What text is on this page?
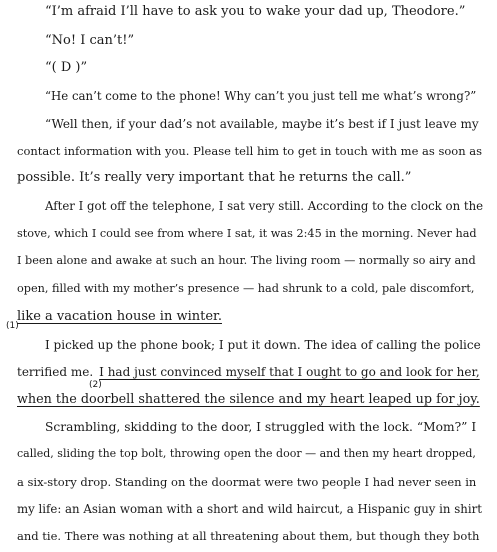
“I’m afraid I’ll have to ask you to wake your dad up, Theodore.”
“No! I can’t!”
“( D )”
“He can’t come to the phone! Why can’t you just tell me what’s wrong?”
“Well then, if your dad’s not available, maybe it’s best if I just leave my
contact information with you. Please tell him to get in touch with me as soon as
possible. It’s really very important that he returns the call.”
After I got off the telephone, I sat very still. According to the clock on the
stove, which I could see from where I sat, it was 2:45 in the morning. Never had
I been alone and awake at such an hour. The living room — normally so airy and
open, filled with my mother’s presence — had shrunk to a cold, pale discomfort,
(1)
like a vacation house in winter.
I picked up the phone book; I put it down. The idea of calling the police
terrified me. I had just convinced myself that I ought to go and look for her,
(2)
when the doorbell shattered the silence and my heart leaped up for joy.
Scrambling, skidding to the door, I struggled with the lock. “Mom?” I
called, sliding the top bolt, throwing open the door — and then my heart dropped,
a six-story drop. Standing on the doormat were two people I had never seen in
my life: an Asian woman with a short and wild haircut, a Hispanic guy in shirt
and tie. There was nothing at all threatening about them, but though they both
